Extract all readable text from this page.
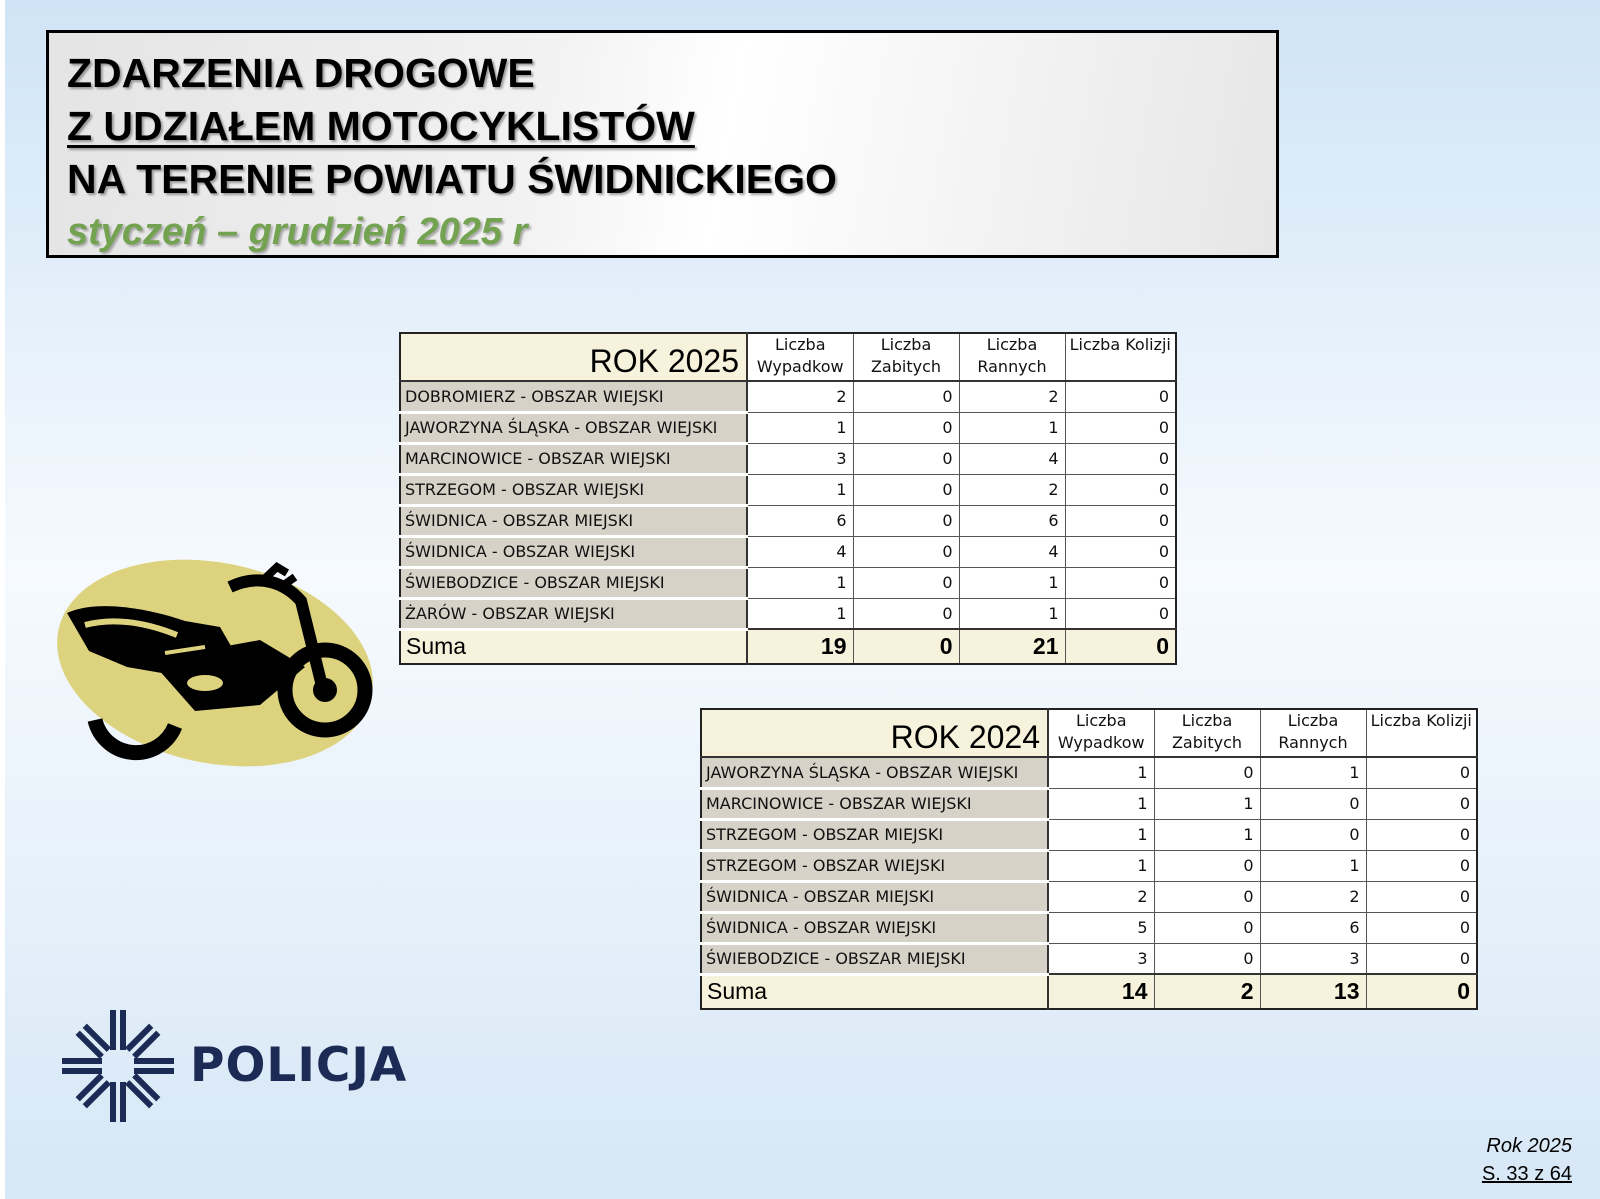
ZDARZENIA DROGOWE
Z UDZIAŁEM MOTOCYKLISTÓW
NA TERENIE POWIATU ŚWIDNICKIEGO
styczeń – grudzień 2025 r
ROK 2025	Liczba Wypadkow	Liczba Zabitych	Liczba Rannych	Liczba Kolizji
DOBROMIERZ - OBSZAR WIEJSKI	2	0	2	0
JAWORZYNA ŚLĄSKA - OBSZAR WIEJSKI	1	0	1	0
MARCINOWICE - OBSZAR WIEJSKI	3	0	4	0
STRZEGOM - OBSZAR WIEJSKI	1	0	2	0
ŚWIDNICA - OBSZAR MIEJSKI	6	0	6	0
ŚWIDNICA - OBSZAR WIEJSKI	4	0	4	0
ŚWIEBODZICE - OBSZAR MIEJSKI	1	0	1	0
ŻARÓW - OBSZAR WIEJSKI	1	0	1	0
Suma	19	0	21	0
ROK 2024	Liczba Wypadkow	Liczba Zabitych	Liczba Rannych	Liczba Kolizji
JAWORZYNA ŚLĄSKA - OBSZAR WIEJSKI	1	0	1	0
MARCINOWICE - OBSZAR WIEJSKI	1	1	0	0
STRZEGOM - OBSZAR MIEJSKI	1	1	0	0
STRZEGOM - OBSZAR WIEJSKI	1	0	1	0
ŚWIDNICA - OBSZAR MIEJSKI	2	0	2	0
ŚWIDNICA - OBSZAR WIEJSKI	5	0	6	0
ŚWIEBODZICE - OBSZAR MIEJSKI	3	0	3	0
Suma	14	2	13	0
POLICJA
Rok 2025
S. 33 z 64
